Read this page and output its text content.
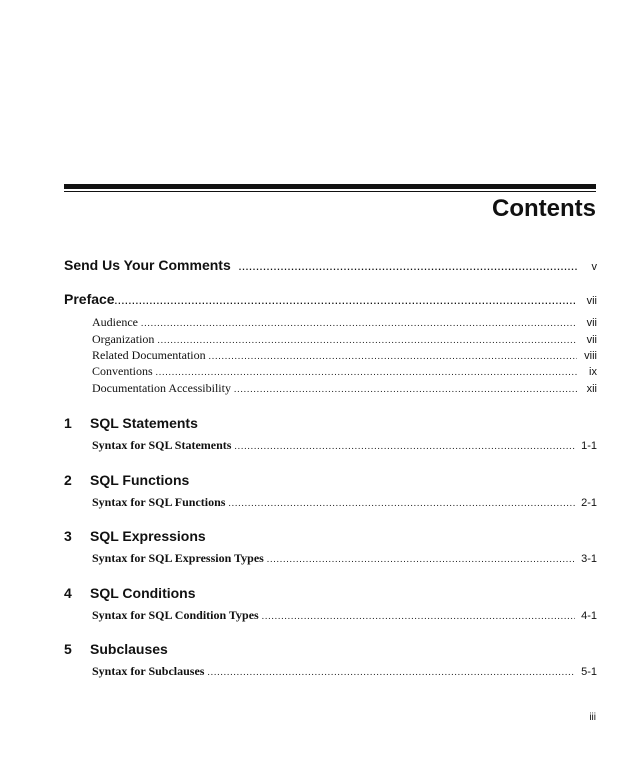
Contents
Send Us Your Comments .....	v
Preface .....	vii
Audience .....	vii
Organization .....	vii
Related Documentation .....	viii
Conventions .....	ix
Documentation Accessibility .....	xii
1 SQL Statements
Syntax for SQL Statements .....	1-1
2 SQL Functions
Syntax for SQL Functions .....	2-1
3 SQL Expressions
Syntax for SQL Expression Types .....	3-1
4 SQL Conditions
Syntax for SQL Condition Types .....	4-1
5 Subclauses
Syntax for Subclauses .....	5-1
iii
